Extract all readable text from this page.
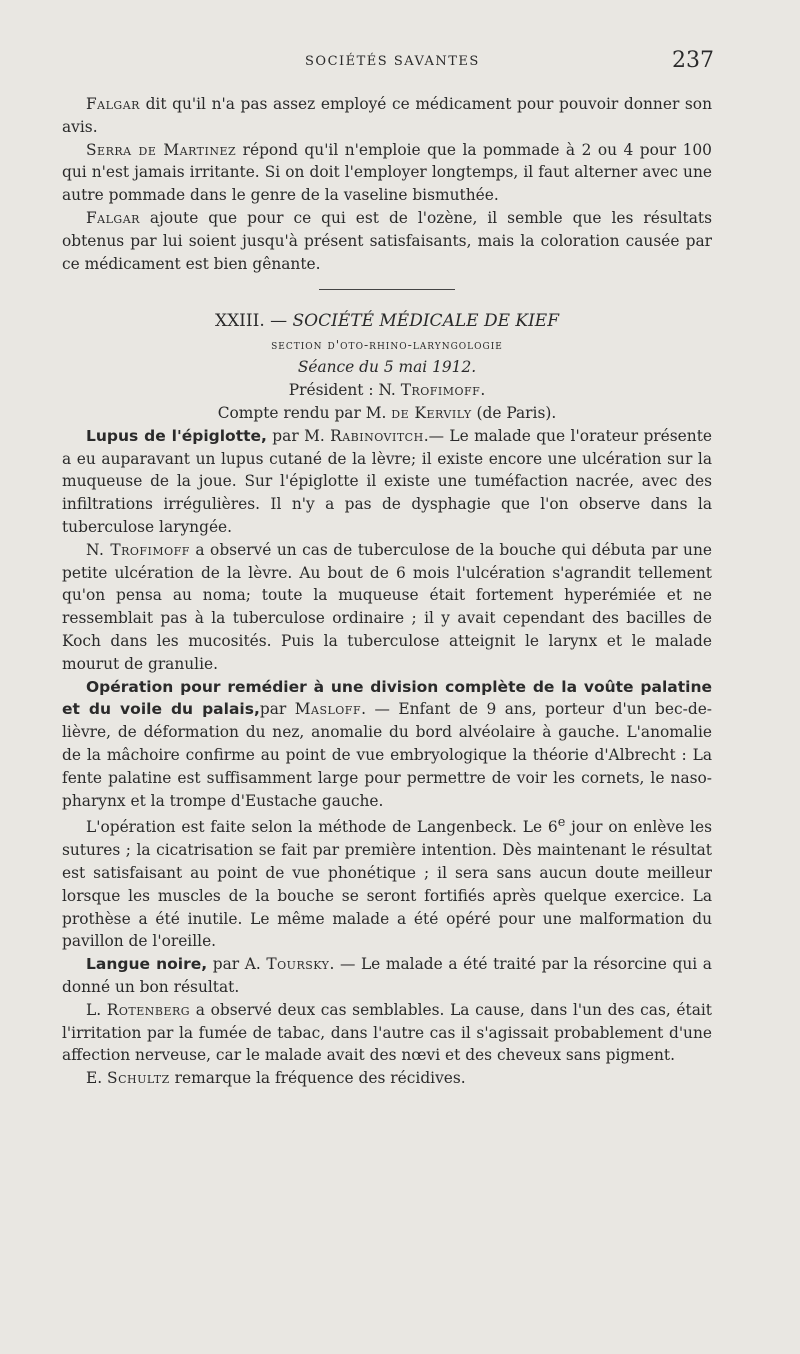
SOCIÉTÉS SAVANTES	237

Falgar dit qu'il n'a pas assez employé ce médicament pour pouvoir donner son avis.

Serra de Martinez répond qu'il n'emploie que la pommade à 2 ou 4 pour 100 qui n'est jamais irritante. Si on doit l'employer longtemps, il faut alterner avec une autre pommade dans le genre de la vaseline bismuthée.

Falgar ajoute que pour ce qui est de l'ozène, il semble que les résultats obtenus par lui soient jusqu'à présent satisfaisants, mais la coloration causée par ce médicament est bien gênante.

XXIII. — SOCIÉTÉ MÉDICALE DE KIEF

section d'oto-rhino-laryngologie

Séance du 5 mai 1912.

Président : N. Trofimoff.

Compte rendu par M. de Kervily (de Paris).

Lupus de l'épiglotte, par M. Rabinovitch.— Le malade que l'orateur présente a eu auparavant un lupus cutané de la lèvre; il existe encore une ulcération sur la muqueuse de la joue. Sur l'épiglotte il existe une tuméfaction nacrée, avec des infiltrations irrégulières. Il n'y a pas de dysphagie que l'on observe dans la tuberculose laryngée.

N. Trofimoff a observé un cas de tuberculose de la bouche qui débuta par une petite ulcération de la lèvre. Au bout de 6 mois l'ulcération s'agrandit tellement qu'on pensa au noma; toute la muqueuse était fortement hyperémiée et ne ressemblait pas à la tuberculose ordinaire ; il y avait cependant des bacilles de Koch dans les mucosités. Puis la tuberculose atteignit le larynx et le malade mourut de granulie.

Opération pour remédier à une division complète de la voûte palatine et du voile du palais,par Masloff. — Enfant de 9 ans, porteur d'un bec-de-lièvre, de déformation du nez, anomalie du bord alvéolaire à gauche. L'anomalie de la mâchoire confirme au point de vue embryologique la théorie d'Albrecht : La fente palatine est suffisamment large pour permettre de voir les cornets, le naso-pharynx et la trompe d'Eustache gauche.

L'opération est faite selon la méthode de Langenbeck. Le 6e jour on enlève les sutures ; la cicatrisation se fait par première intention. Dès maintenant le résultat est satisfaisant au point de vue phonétique ; il sera sans aucun doute meilleur lorsque les muscles de la bouche se seront fortifiés après quelque exercice. La prothèse a été inutile. Le même malade a été opéré pour une malformation du pavillon de l'oreille.

Langue noire, par A. Toursky. — Le malade a été traité par la résorcine qui a donné un bon résultat.

L. Rotenberg a observé deux cas semblables. La cause, dans l'un des cas, était l'irritation par la fumée de tabac, dans l'autre cas il s'agissait probablement d'une affection nerveuse, car le malade avait des nœvi et des cheveux sans pigment.

E. Schultz remarque la fréquence des récidives.
